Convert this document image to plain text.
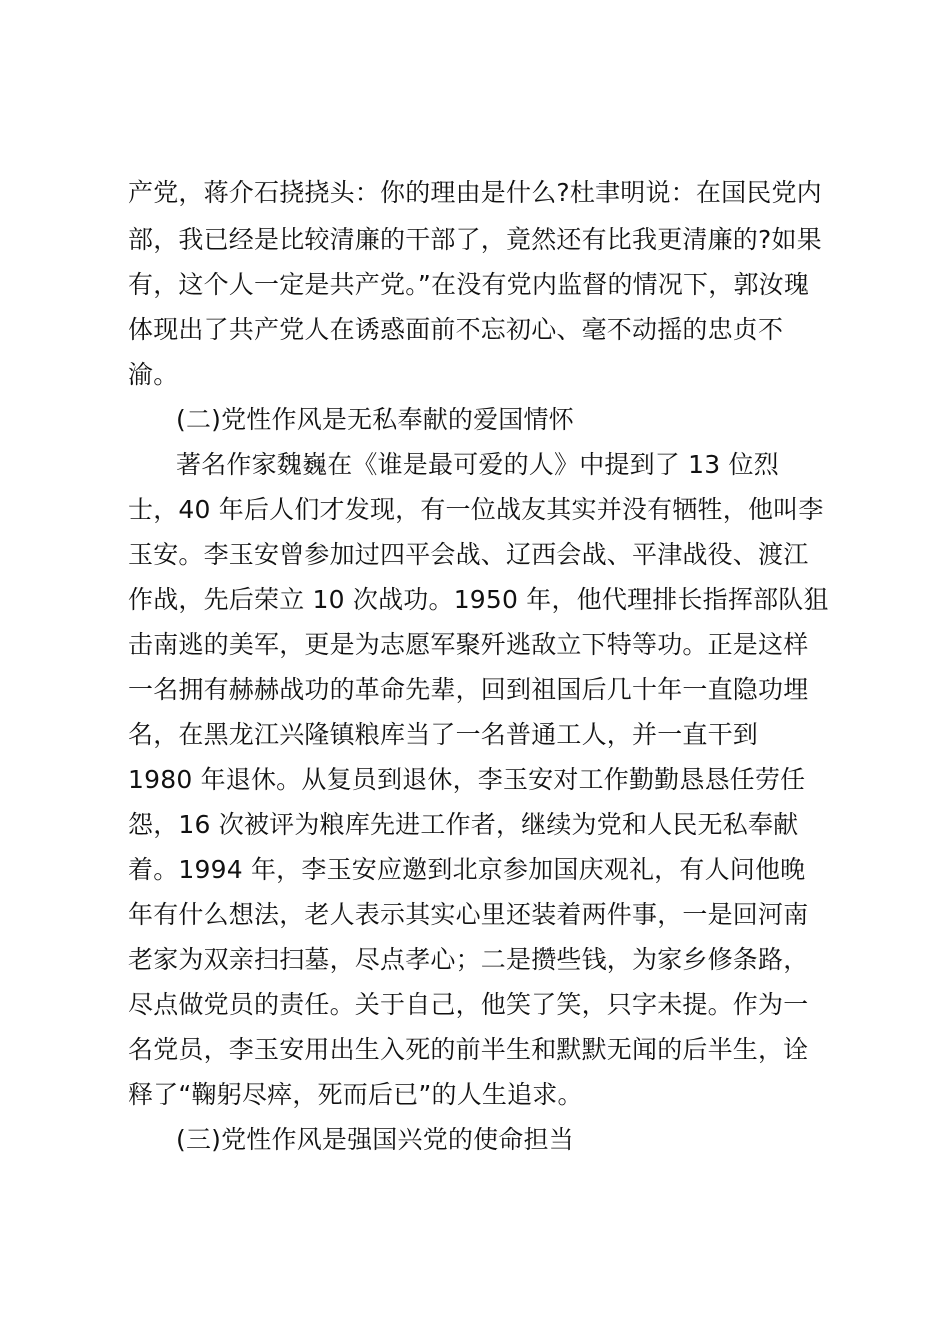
产党，蒋介石挠挠头：你的理由是什么?杜聿明说：在国民党内
部，我已经是比较清廉的干部了，竟然还有比我更清廉的?如果
有，这个人一定是共产党。”在没有党内监督的情况下，郭汝瑰
体现出了共产党人在诱惑面前不忘初心、毫不动摇的忠贞不
渝。
(二)党性作风是无私奉献的爱国情怀
著名作家魏巍在《谁是最可爱的人》中提到了 13 位烈
士，40 年后人们才发现，有一位战友其实并没有牺牲，他叫李
玉安。李玉安曾参加过四平会战、辽西会战、平津战役、渡江
作战，先后荣立 10 次战功。1950 年，他代理排长指挥部队狙
击南逃的美军，更是为志愿军聚歼逃敌立下特等功。正是这样
一名拥有赫赫战功的革命先辈，回到祖国后几十年一直隐功埋
名，在黑龙江兴隆镇粮库当了一名普通工人，并一直干到
1980 年退休。从复员到退休，李玉安对工作勤勤恳恳任劳任
怨，16 次被评为粮库先进工作者，继续为党和人民无私奉献
着。1994 年，李玉安应邀到北京参加国庆观礼，有人问他晚
年有什么想法，老人表示其实心里还装着两件事，一是回河南
老家为双亲扫扫墓，尽点孝心；二是攒些钱，为家乡修条路，
尽点做党员的责任。关于自己，他笑了笑，只字未提。作为一
名党员，李玉安用出生入死的前半生和默默无闻的后半生，诠
释了“鞠躬尽瘁，死而后已”的人生追求。
(三)党性作风是强国兴党的使命担当
